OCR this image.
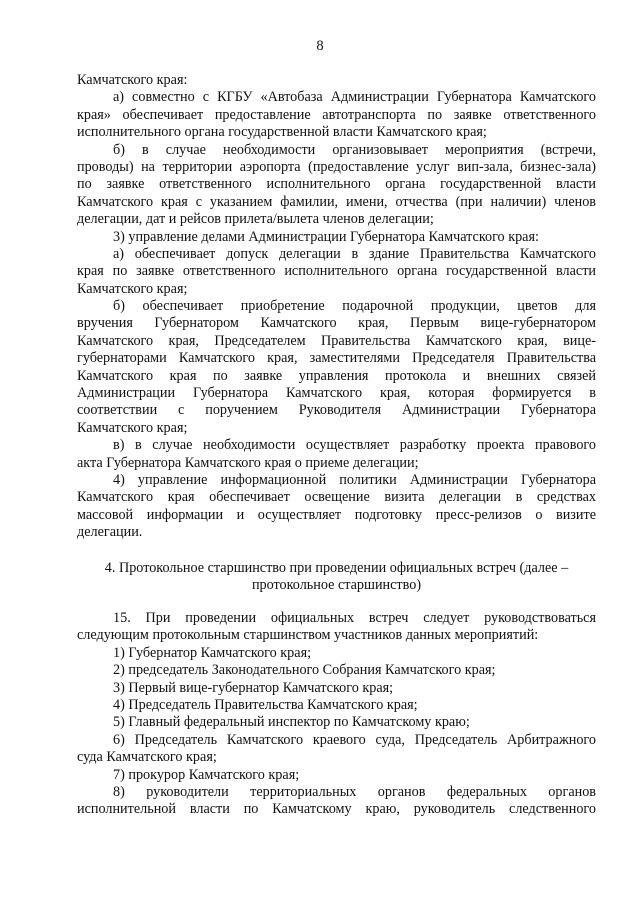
8
Камчатского края:
а) совместно с КГБУ «Автобаза Администрации Губернатора Камчатского
края» обеспечивает предоставление автотранспорта по заявке ответственного
исполнительного органа государственной власти Камчатского края;
б) в случае необходимости организовывает мероприятия (встречи,
проводы) на территории аэропорта (предоставление услуг вип-зала, бизнес-зала)
по заявке ответственного исполнительного органа государственной власти
Камчатского края с указанием фамилии, имени, отчества (при наличии) членов
делегации, дат и рейсов прилета/вылета членов делегации;
3) управление делами Администрации Губернатора Камчатского края:
а) обеспечивает допуск делегации в здание Правительства Камчатского
края по заявке ответственного исполнительного органа государственной власти
Камчатского края;
б) обеспечивает приобретение подарочной продукции, цветов для
вручения Губернатором Камчатского края, Первым вице-губернатором
Камчатского края, Председателем Правительства Камчатского края, вице-
губернаторами Камчатского края, заместителями Председателя Правительства
Камчатского края по заявке управления протокола и внешних связей
Администрации Губернатора Камчатского края, которая формируется в
соответствии с поручением Руководителя Администрации Губернатора
Камчатского края;
в) в случае необходимости осуществляет разработку проекта правового
акта Губернатора Камчатского края о приеме делегации;
4) управление информационной политики Администрации Губернатора
Камчатского края обеспечивает освещение визита делегации в средствах
массовой информации и осуществляет подготовку пресс-релизов о визите
делегации.
4. Протокольное старшинство при проведении официальных встреч (далее –
протокольное старшинство)
15. При проведении официальных встреч следует руководствоваться
следующим протокольным старшинством участников данных мероприятий:
1) Губернатор Камчатского края;
2) председатель Законодательного Собрания Камчатского края;
3) Первый вице-губернатор Камчатского края;
4) Председатель Правительства Камчатского края;
5) Главный федеральный инспектор по Камчатскому краю;
6) Председатель Камчатского краевого суда, Председатель Арбитражного
суда Камчатского края;
7) прокурор Камчатского края;
8) руководители территориальных органов федеральных органов
исполнительной власти по Камчатскому краю, руководитель следственного
